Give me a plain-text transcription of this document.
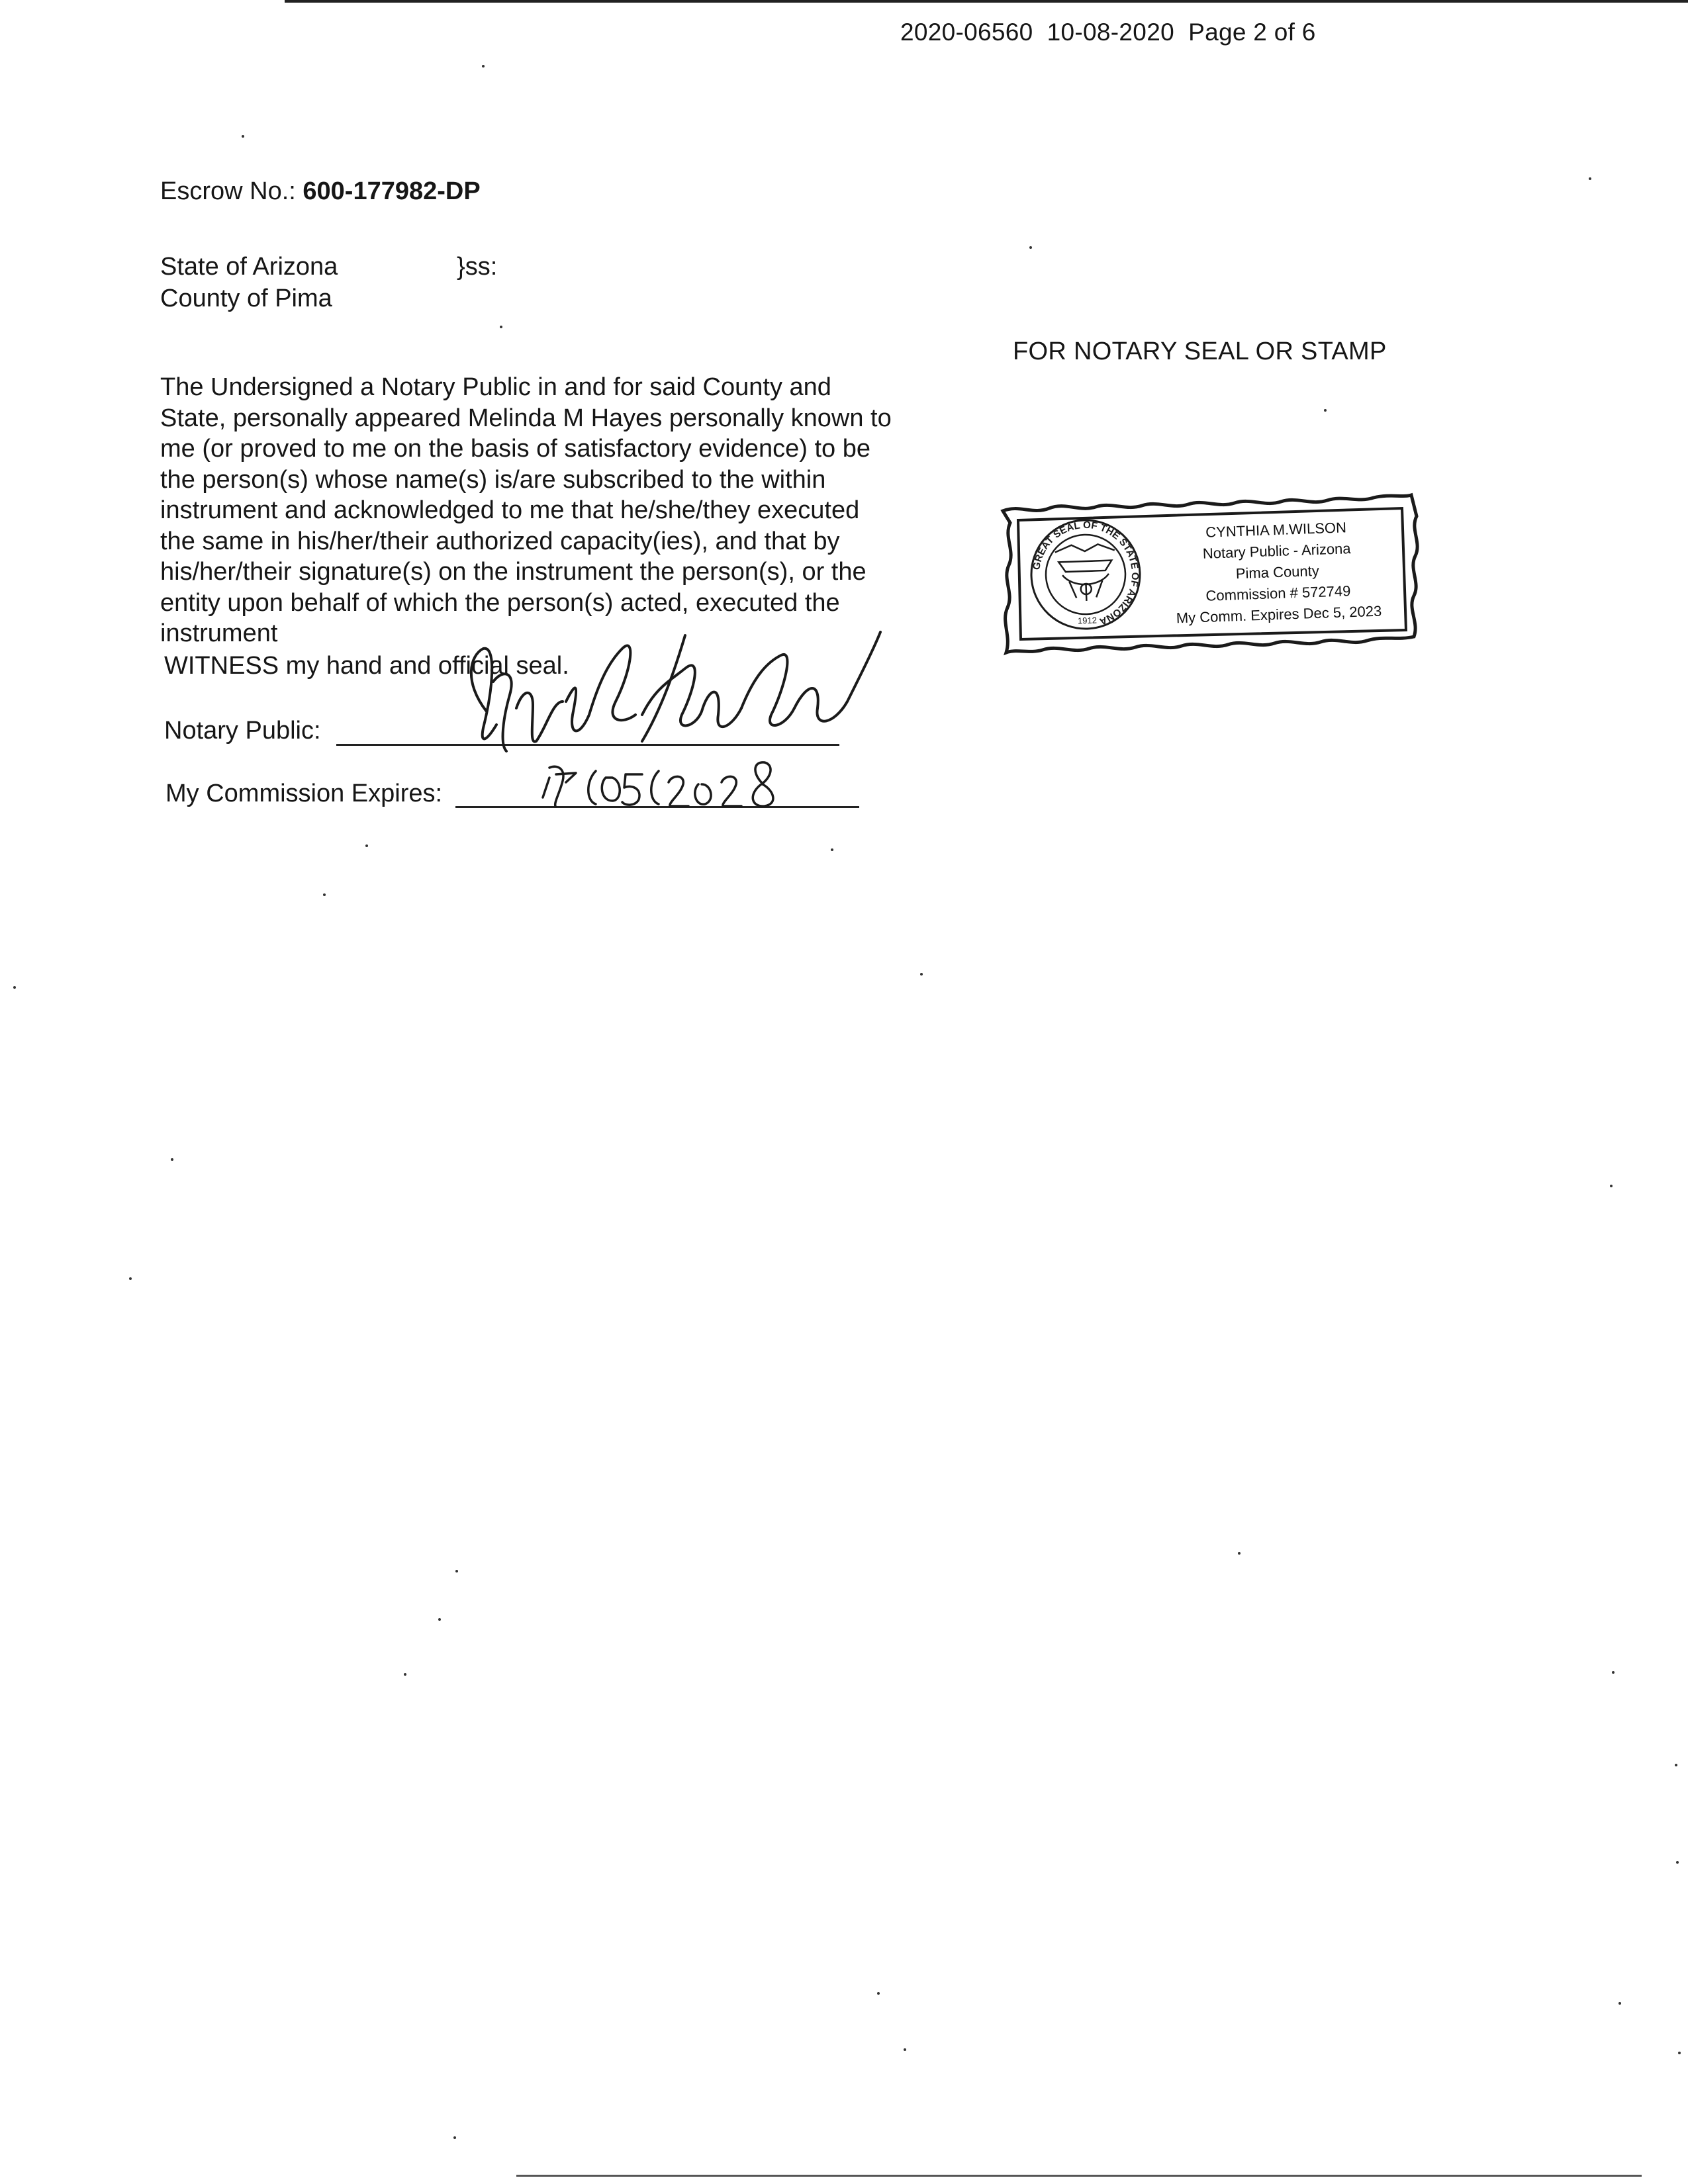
2020-06560  10-08-2020  Page 2 of 6
Escrow No.: 600-177982-DP
State of Arizona
County of Pima
}ss:
FOR NOTARY SEAL OR STAMP
The Undersigned a Notary Public in and for said County and
State, personally appeared Melinda M Hayes personally known to
me (or proved to me on the basis of satisfactory evidence) to be
the person(s) whose name(s) is/are subscribed to the within
instrument and acknowledged to me that he/she/they executed
the same in his/her/their authorized capacity(ies), and that by
his/her/their signature(s) on the instrument the person(s), or the
entity upon behalf of which the person(s) acted, executed the
instrument
WITNESS my hand and official seal.
Notary Public:
My Commission Expires:
GREAT SEAL OF THE STATE OF ARIZONA
1912
CYNTHIA M.WILSON
Notary Public - Arizona
Pima County
Commission # 572749
My Comm. Expires Dec 5, 2023
